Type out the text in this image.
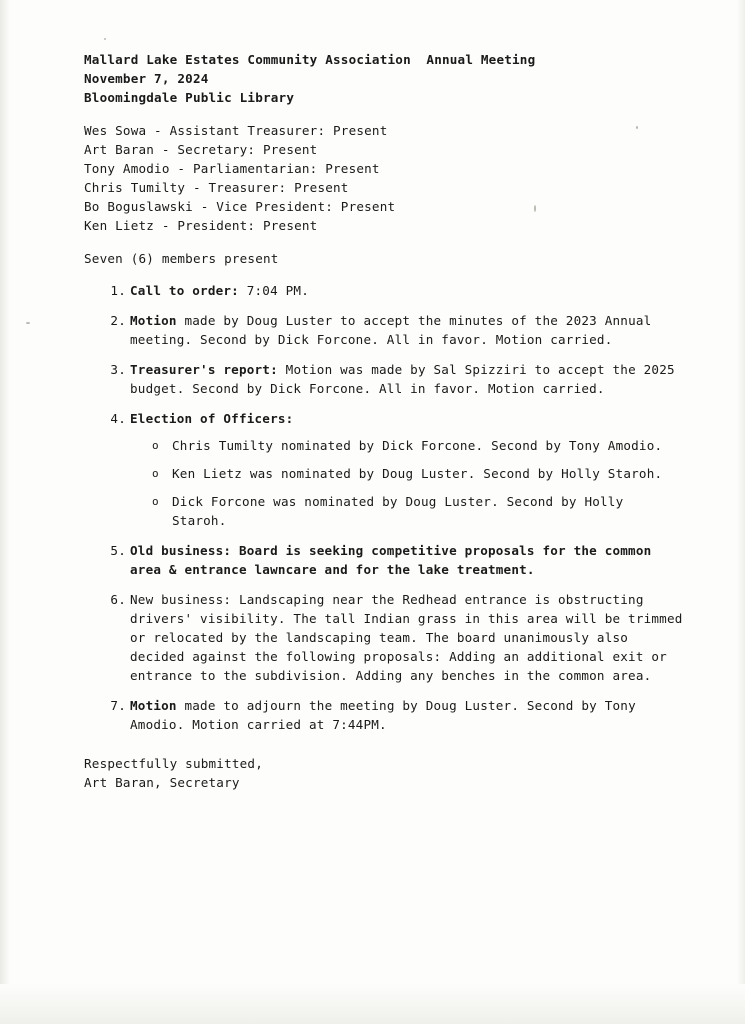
Mallard Lake Estates Community Association  Annual Meeting
November 7, 2024
Bloomingdale Public Library
Wes Sowa - Assistant Treasurer: Present
Art Baran - Secretary: Present
Tony Amodio - Parliamentarian: Present
Chris Tumilty - Treasurer: Present
Bo Boguslawski - Vice President: Present
Ken Lietz - President: Present
Seven (6) members present
Call to order: 7:04 PM.
Motion made by Doug Luster to accept the minutes of the 2023 Annual meeting. Second by Dick Forcone. All in favor. Motion carried.
Treasurer's report: Motion was made by Sal Spizziri to accept the 2025 budget. Second by Dick Forcone. All in favor. Motion carried.
Election of Officers:
o Chris Tumilty nominated by Dick Forcone. Second by Tony Amodio.
o Ken Lietz was nominated by Doug Luster. Second by Holly Staroh.
o Dick Forcone was nominated by Doug Luster. Second by Holly Staroh.
Old business: Board is seeking competitive proposals for the common area & entrance lawncare and for the lake treatment.
New business: Landscaping near the Redhead entrance is obstructing drivers' visibility. The tall Indian grass in this area will be trimmed or relocated by the landscaping team. The board unanimously also decided against the following proposals: Adding an additional exit or entrance to the subdivision. Adding any benches in the common area.
Motion made to adjourn the meeting by Doug Luster. Second by Tony Amodio. Motion carried at 7:44PM.
Respectfully submitted,
Art Baran, Secretary
